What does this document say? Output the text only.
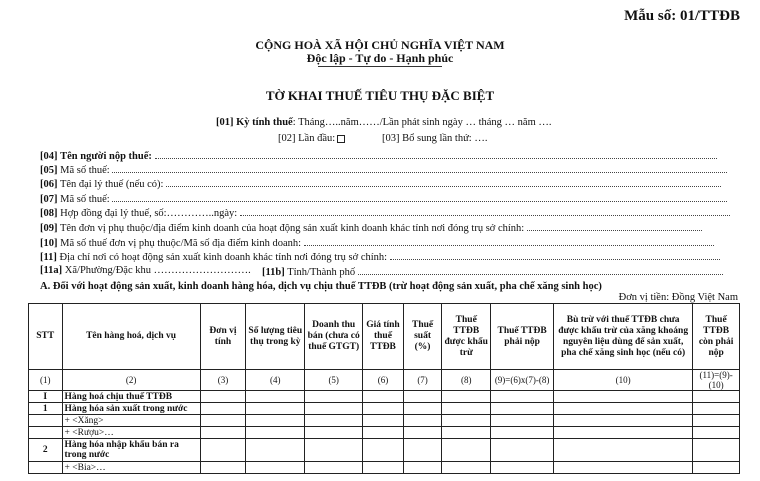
Mẫu số: 01/TTĐB
CỘNG HOÀ XÃ HỘI CHỦ NGHĨA VIỆT NAM
Độc lập - Tự do - Hạnh phúc
TỜ KHAI THUẾ TIÊU THỤ ĐẶC BIỆT
[01] Kỳ tính thuế: Tháng…..năm……/Lần phát sinh ngày … tháng … năm ….
[02] Lần đầu:	[03] Bổ sung lần thứ: ….
[04] Tên người nộp thuế:
[05] Mã số thuế:
[06] Tên đại lý thuế (nếu có):
[07] Mã số thuế:
[08] Hợp đồng đại lý thuế, số:…………..ngày:
[09] Tên đơn vị phụ thuộc/địa điểm kinh doanh của hoạt động sản xuất kinh doanh khác tỉnh nơi đóng trụ sở chính:
[10] Mã số thuế đơn vị phụ thuộc/Mã số địa điểm kinh doanh:
[11] Địa chỉ nơi có hoạt động sản xuất kinh doanh khác tỉnh nơi đóng trụ sở chính:
[11a] Xã/Phường/Đặc khu ………………………. [11b] Tỉnh/Thành phố
A. Đối với hoạt động sản xuất, kinh doanh hàng hóa, dịch vụ chịu thuế TTĐB (trừ hoạt động sản xuất, pha chế xăng sinh học)
Đơn vị tiền: Đồng Việt Nam
STT	Tên hàng hoá, dịch vụ	Đơn vị tính	Số lượng tiêu thụ trong kỳ	Doanh thu bán (chưa có thuế GTGT)	Giá tính thuế TTĐB	Thuế suất (%)	Thuế TTĐB được khấu trừ	Thuế TTĐB phải nộp	Bù trừ với thuế TTĐB chưa được khấu trừ của xăng khoáng nguyên liệu dùng để sản xuất, pha chế xăng sinh học (nếu có)	Thuế TTĐB còn phải nộp
(1)	(2)	(3)	(4)	(5)	(6)	(7)	(8)	(9)=(6)x(7)-(8)	(10)	(11)=(9)-(10)
I	Hàng hoá chịu thuế TTĐB									
1	Hàng hóa sản xuất trong nước									
	+ <Xăng>									
	+ <Rượu>…									
2	Hàng hóa nhập khẩu bán ra trong nước									
	+ <Bia>…									
